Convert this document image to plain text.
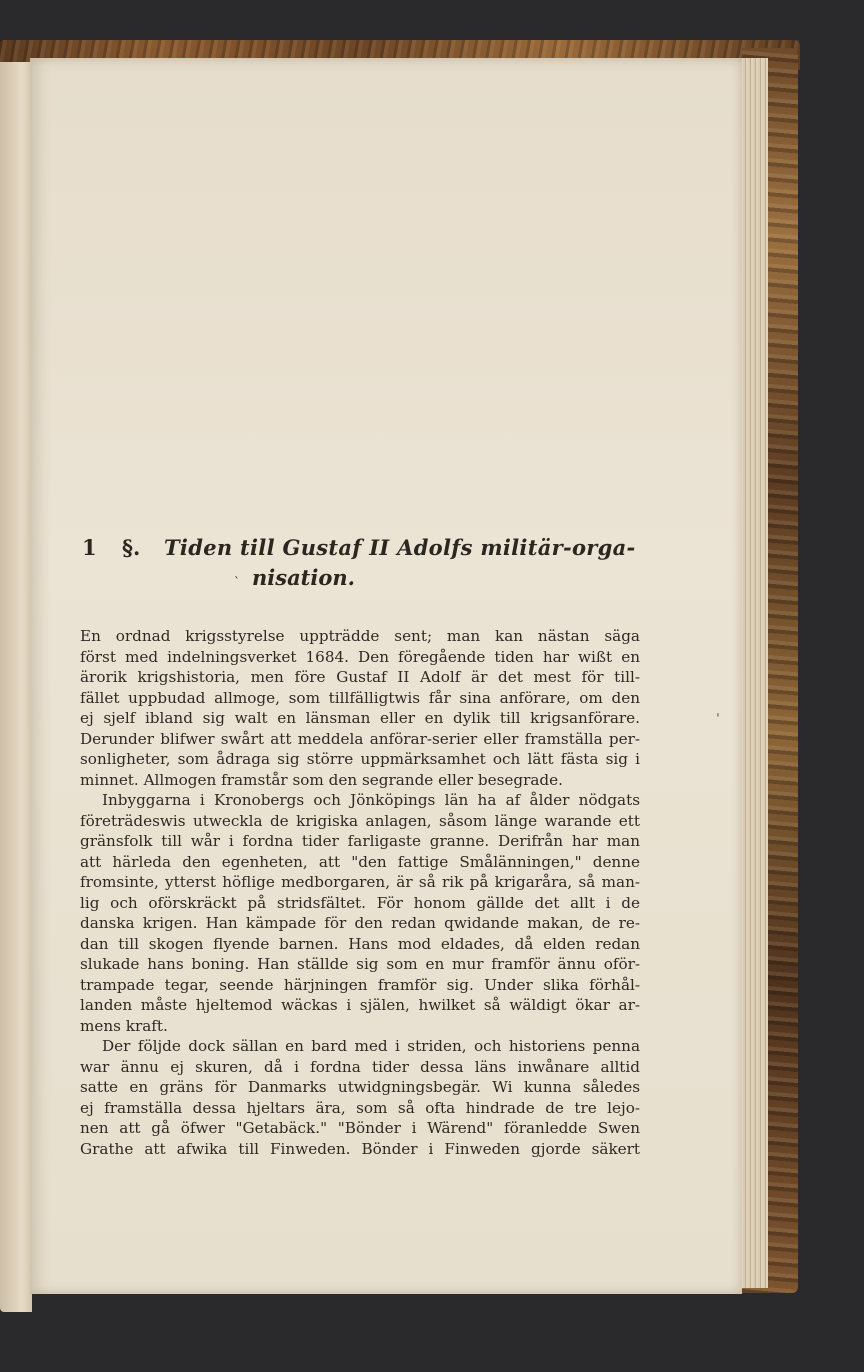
1 §. Tiden till Gustaf II Adolfs militär-orga-
ˋ nisation.
En ordnad krigsstyrelse uppträdde sent; man kan nästan säga
först med indelningsverket 1684. Den föregående tiden har wißt en
ärorik krigshistoria, men före Gustaf II Adolf är det mest för till-
fället uppbudad allmoge, som tillfälligtwis får sina anförare, om den
ej sjelf ibland sig walt en länsman eller en dylik till krigsanförare.
Derunder blifwer swårt att meddela anförar-serier eller framställa per-
sonligheter, som ådraga sig större uppmärksamhet och lätt fästa sig i
minnet. Allmogen framstår som den segrande eller besegrade.
Inbyggarna i Kronobergs och Jönköpings län ha af ålder nödgats
företrädeswis utweckla de krigiska anlagen, såsom länge warande ett
gränsfolk till wår i fordna tider farligaste granne. Derifrån har man
att härleda den egenheten, att "den fattige Smålänningen," denne
fromsinte, ytterst höflige medborgaren, är så rik på krigaråra, så man-
lig och oförskräckt på stridsfältet. För honom gällde det allt i de
danska krigen. Han kämpade för den redan qwidande makan, de re-
dan till skogen flyende barnen. Hans mod eldades, då elden redan
slukade hans boning. Han ställde sig som en mur framför ännu oför-
trampade tegar, seende härjningen framför sig. Under slika förhål-
landen måste hjeltemod wäckas i själen, hwilket så wäldigt ökar ar-
mens kraft.
Der följde dock sällan en bard med i striden, och historiens penna
war ännu ej skuren, då i fordna tider dessa läns inwånare alltid
satte en gräns för Danmarks utwidgningsbegär. Wi kunna således
ej framställa dessa hjeltars ära, som så ofta hindrade de tre lejo-
nen att gå öfwer "Getabäck." "Bönder i Wärend" föranledde Swen
Grathe att afwika till Finweden. Bönder i Finweden gjorde säkert
ˈ
